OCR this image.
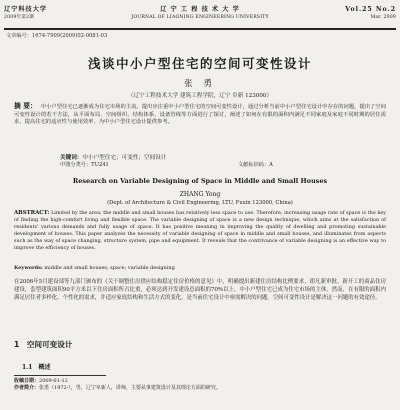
辽宁科技大学
2009年第2期
辽 宁 工 程 技 术 大 学
JOURNAL OF LIAONING ENGINEERING UNIVERSITY
Vol.25 No.2
Mar. 2009
文章编号：1674-7909(2009)02-0081-03
浅谈中小户型住宅的空间可变性设计
张 勇
（辽宁工程技术大学 建筑工程学院，辽宁 阜新 123000）
摘 要： 中小户型住宅已逐渐成为住宅市场的主流，提出应注重中小户型住宅的空间可变性设计，通过分析当前中小户型住宅设计中存在的问题，提出了空间可变性设计的若干方法，从平面布局、空间组织、结构体系、设备管线等方面进行了探讨，阐述了如何在有限的面积内满足不同家庭及家庭不同时期的居住需求，提高住宅的适应性与使用效率，为中小户型住宅设计提供参考。
关键词：中小户型住宅；可变性；空间设计
中图分类号：TU241	文献标识码：A
Research on Variable Designing of Space in Middle and Small Houses
ZHANG Yong
(Dept. of Architecture & Civil Engineering, LTU, Fuxin 123000, China)
ABSTRACT: Limited by the area, the middle and small houses has relatively less space to use. Therefore, increasing usage rate of space is the key of finding the high-comfort living and flexible space. The variable designing of space is a new design technique, which aims at the satisfaction of residents' various demands and fully usage of space. It has positive meaning in improving the quality of dwelling and promoting sustainable development of houses. This paper analyzes the necessity of variable designing of space in middle and small houses, and illuminates from aspects such as the way of space changing, structure system, pipe and equipment. It reveals that the contrivance of variable designing is an effective way to improve the efficiency of houses.
Keywords: middle and small houses; space; variable designing
在2006年5月建设部等九部门颁布的《关于调整住房供应结构稳定住房价格的意见》中，明确提出新建住房结构比例要求，即凡新审批、新开工的商品住房建设，套型建筑面积90平方米以下住房面积所占比重，必须达到开发建设总面积的70%以上。中小户型住宅已成为住宅市场的主体。然而，在有限的面积内满足居住者多样化、个性化的需求，并适应家庭结构和生活方式的变化，是当前住宅设计中亟需解决的问题。空间可变性设计是解决这一问题的有效途径。
1　空间可变设计
1.1　概述
收稿日期：2009-01-12
作者简介：张勇（1972-），男，辽宁阜新人，讲师，主要从事建筑设计及其理论方面的研究。
